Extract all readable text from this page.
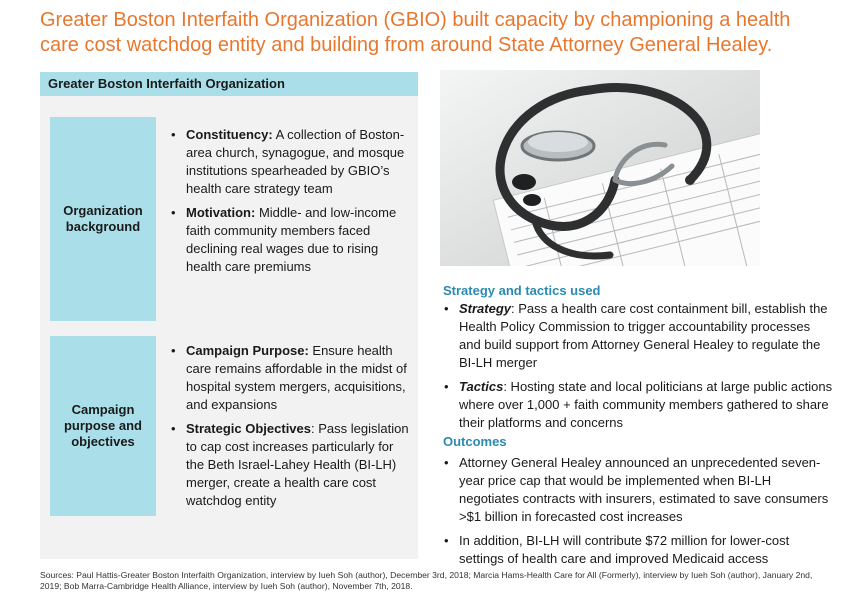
Greater Boston Interfaith Organization (GBIO) built capacity by championing a health care cost watchdog entity and building from around State Attorney General Healey.
Greater Boston Interfaith Organization
Organization background
• Constituency: A collection of Boston-area church, synagogue, and mosque institutions spearheaded by GBIO’s health care strategy team
• Motivation: Middle- and low-income faith community members faced declining real wages due to rising health care premiums
Campaign purpose and objectives
• Campaign Purpose: Ensure health care remains affordable in the midst of hospital system mergers, acquisitions, and expansions
• Strategic Objectives: Pass legislation to cap cost increases particularly for the Beth Israel-Lahey Health (BI-LH) merger, create a health care cost watchdog entity
Strategy and tactics used
• Strategy: Pass a health care cost containment bill, establish the Health Policy Commission to trigger accountability processes and build support from Attorney General Healey to regulate the BI-LH merger
• Tactics: Hosting state and local politicians at large public actions where over 1,000 + faith community members gathered to share their platforms and concerns
Outcomes
• Attorney General Healey announced an unprecedented seven-year price cap that would be implemented when BI-LH negotiates contracts with insurers, estimated to save consumers >$1 billion in forecasted cost increases
• In addition, BI-LH will contribute $72 million for lower-cost settings of health care and improved Medicaid access
Sources: Paul Hattis-Greater Boston Interfaith Organization, interview by Iueh Soh (author), December 3rd, 2018; Marcia Hams-Health Care for All (Formerly), interview by Iueh Soh (author), January 2nd, 2019; Bob Marra-Cambridge Health Alliance, interview by Iueh Soh (author), November 7th, 2018.
